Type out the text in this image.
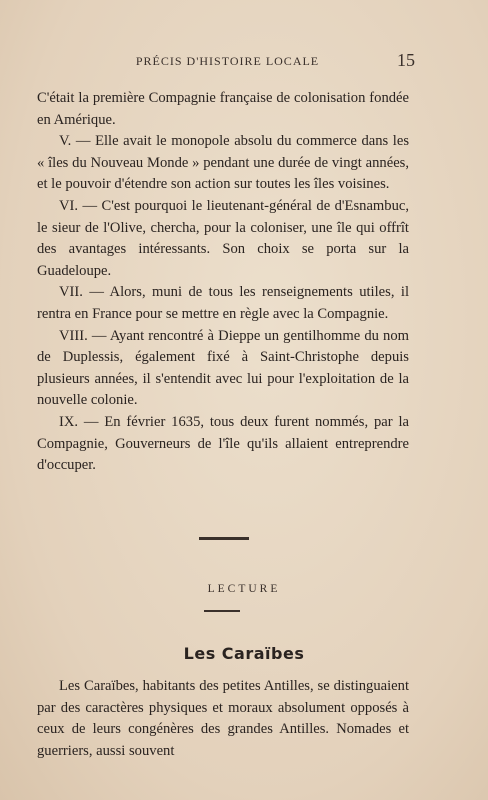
PRÉCIS D'HISTOIRE LOCALE	15

C'était la première Compagnie française de colonisation fondée en Amérique.

V. — Elle avait le monopole absolu du commerce dans les « îles du Nouveau Monde » pendant une durée de vingt années, et le pouvoir d'étendre son action sur toutes les îles voisines.

VI. — C'est pourquoi le lieutenant-général de d'Esnambuc, le sieur de l'Olive, chercha, pour la coloniser, une île qui offrît des avantages intéressants. Son choix se porta sur la Guadeloupe.

VII. — Alors, muni de tous les renseignements utiles, il rentra en France pour se mettre en règle avec la Compagnie.

VIII. — Ayant rencontré à Dieppe un gentilhomme du nom de Duplessis, également fixé à Saint-Christophe depuis plusieurs années, il s'entendit avec lui pour l'exploitation de la nouvelle colonie.

IX. — En février 1635, tous deux furent nommés, par la Compagnie, Gouverneurs de l'île qu'ils allaient entreprendre d'occuper.

LECTURE
Les Caraïbes

Les Caraïbes, habitants des petites Antilles, se distinguaient par des caractères physiques et moraux absolument opposés à ceux de leurs congénères des grandes Antilles. Nomades et guerriers, aussi souvent
